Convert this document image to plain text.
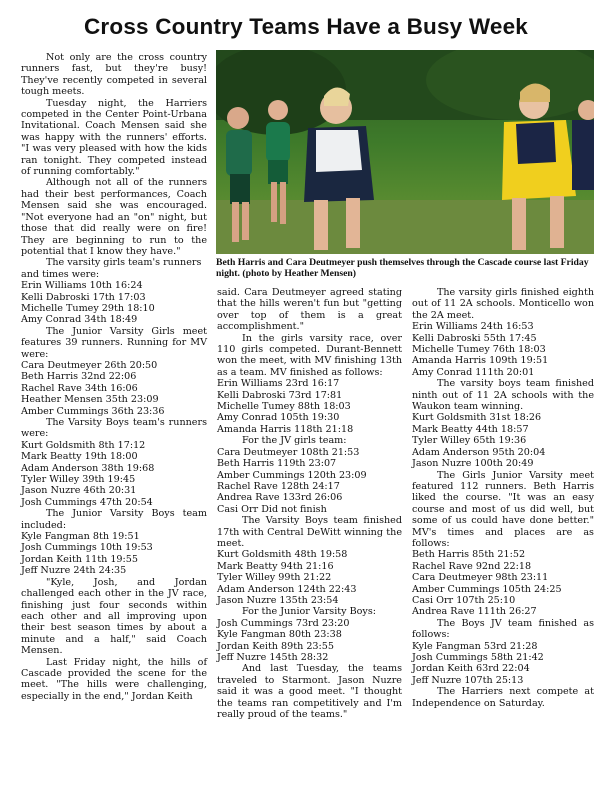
Cross Country Teams Have a Busy Week
Beth Harris and Cara Deutmeyer push themselves through the Cascade course last Friday night. (photo by Heather Mensen)

Not only are the cross country runners fast, but they're busy! They've recently competed in several tough meets.

Tuesday night, the Harriers competed in the Center Point-Urbana Invitational. Coach Mensen said she was happy with the runners' efforts. "I was very pleased with how the kids ran tonight. They competed instead of running comfortably."

Although not all of the runners had their best performances, Coach Mensen said she was encouraged. "Not everyone had an "on" night, but those that did really were on fire! They are beginning to run to the potential that I know they have."

The varsity girls team's runners and times were:

Erin Williams 10th 16:24
Kelli Dabroski 17th 17:03
Michelle Tumey 29th 18:10
Amy Conrad 34th 18:49

The Junior Varsity Girls meet features 39 runners. Running for MV were:

Cara Deutmeyer 26th 20:50
Beth Harris 32nd 22:06
Rachel Rave 34th 16:06
Heather Mensen 35th 23:09
Amber Cummings 36th 23:36

The Varsity Boys team's runners were:

Kurt Goldsmith 8th 17:12
Mark Beatty 19th 18:00
Adam Anderson 38th 19:68
Tyler Willey 39th 19:45
Jason Nuzre 46th 20:31
Josh Cummings 47th 20:54

The Junior Varsity Boys team included:

Kyle Fangman 8th 19:51
Josh Cummings 10th 19:53
Jordan Keith 11th 19:55
Jeff Nuzre 24th 24:35

"Kyle, Josh, and Jordan challenged each other in the JV race, finishing just four seconds within each other and all improving upon their best season times by about a minute and a half," said Coach Mensen.

Last Friday night, the hills of Cascade provided the scene for the meet. "The hills were challenging, especially in the end," Jordan Keith

said. Cara Deutmeyer agreed stating that the hills weren't fun but "getting over top of them is a great accomplishment."

In the girls varsity race, over 110 girls competed. Durant-Bennett won the meet, with MV finishing 13th as a team. MV finished as follows:

Erin Williams 23rd 16:17
Kelli Dabroski 73rd 17:81
Michelle Tumey 88th 18:03
Amy Conrad 105th 19:30
Amanda Harris 118th 21:18

For the JV girls team:

Cara Deutmeyer 108th 21:53
Beth Harris 119th 23:07
Amber Cummings 120th 23:09
Rachel Rave 128th 24:17
Andrea Rave 133rd 26:06
Casi Orr Did not finish

The Varsity Boys team finished 17th with Central DeWitt winning the meet.

Kurt Goldsmith 48th 19:58
Mark Beatty 94th 21:16
Tyler Willey 99th 21:22
Adam Anderson 124th 22:43
Jason Nuzre 135th 23:54

For the Junior Varsity Boys:

Josh Cummings 73rd 23:20
Kyle Fangman 80th 23:38
Jordan Keith 89th 23:55
Jeff Nuzre 145th 28:32

And last Tuesday, the teams traveled to Starmont. Jason Nuzre said it was a good meet. "I thought the teams ran competitively and I'm really proud of the teams."

The varsity girls finished eighth out of 11 2A schools. Monticello won the 2A meet.

Erin Williams 24th 16:53
Kelli Dabroski 55th 17:45
Michelle Tumey 76th 18:03
Amanda Harris 109th 19:51
Amy Conrad 111th 20:01

The varsity boys team finished ninth out of 11 2A schools with the Waukon team winning.

Kurt Goldsmith 31st 18:26
Mark Beatty 44th 18:57
Tyler Willey 65th 19:36
Adam Anderson 95th 20:04
Jason Nuzre 100th 20:49

The Girls Junior Varsity meet featured 112 runners. Beth Harris liked the course. "It was an easy course and most of us did well, but some of us could have done better." MV's times and places are as follows:

Beth Harris 85th 21:52
Rachel Rave 92nd 22:18
Cara Deutmeyer 98th 23:11
Amber Cummings 105th 24:25
Casi Orr 107th 25:10
Andrea Rave 111th 26:27

The Boys JV team finished as follows:

Kyle Fangman 53rd 21:28
Josh Cummings 58th 21:42
Jordan Keith 63rd 22:04
Jeff Nuzre 107th 25:13

The Harriers next compete at Independence on Saturday.
